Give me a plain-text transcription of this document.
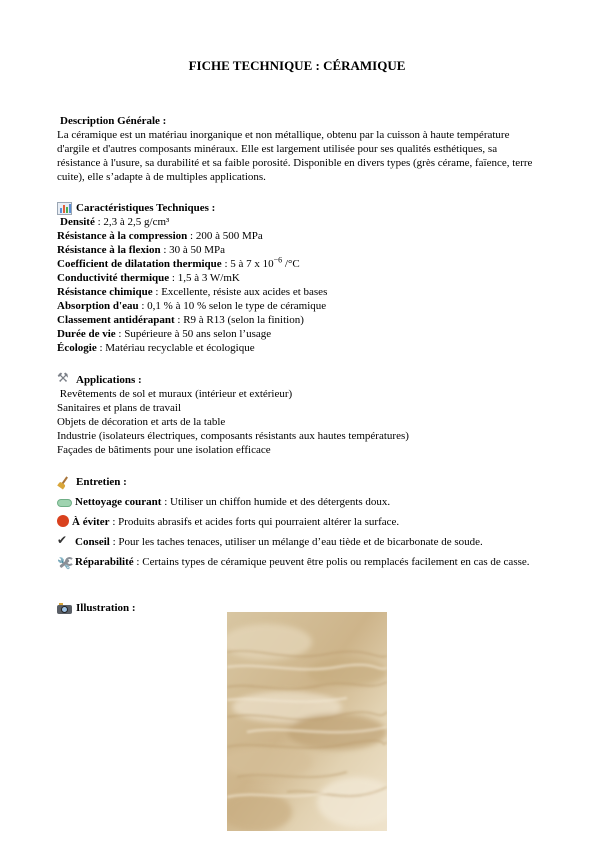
FICHE TECHNIQUE : CÉRAMIQUE
Description Générale :
La céramique est un matériau inorganique et non métallique, obtenu par la cuisson à haute température d'argile et d'autres composants minéraux. Elle est largement utilisée pour ses qualités esthétiques, sa résistance à l'usure, sa durabilité et sa faible porosité. Disponible en divers types (grès cérame, faïence, terre cuite), elle s’adapte à de multiples applications.
Caractéristiques Techniques :
Densité : 2,3 à 2,5 g/cm³
Résistance à la compression : 200 à 500 MPa
Résistance à la flexion : 30 à 50 MPa
Coefficient de dilatation thermique : 5 à 7 x $10^{-6}$ /°C
Conductivité thermique : 1,5 à 3 W/mK
Résistance chimique : Excellente, résiste aux acides et bases
Absorption d'eau : 0,1 % à 10 % selon le type de céramique
Classement antidérapant : R9 à R13 (selon la finition)
Durée de vie : Supérieure à 50 ans selon l’usage
Écologie : Matériau recyclable et écologique
⚒
Applications :
Revêtements de sol et muraux (intérieur et extérieur)
Sanitaires et plans de travail
Objets de décoration et arts de la table
Industrie (isolateurs électriques, composants résistants aux hautes températures)
Façades de bâtiments pour une isolation efficace
Entretien :
Nettoyage courant : Utiliser un chiffon humide et des détergents doux.
À éviter : Produits abrasifs et acides forts qui pourraient altérer la surface.
✔Conseil : Pour les taches tenaces, utiliser un mélange d’eau tiède et de bicarbonate de soude.
🔧
Réparabilité : Certains types de céramique peuvent être polis ou remplacés facilement en cas de casse.
Illustration :
